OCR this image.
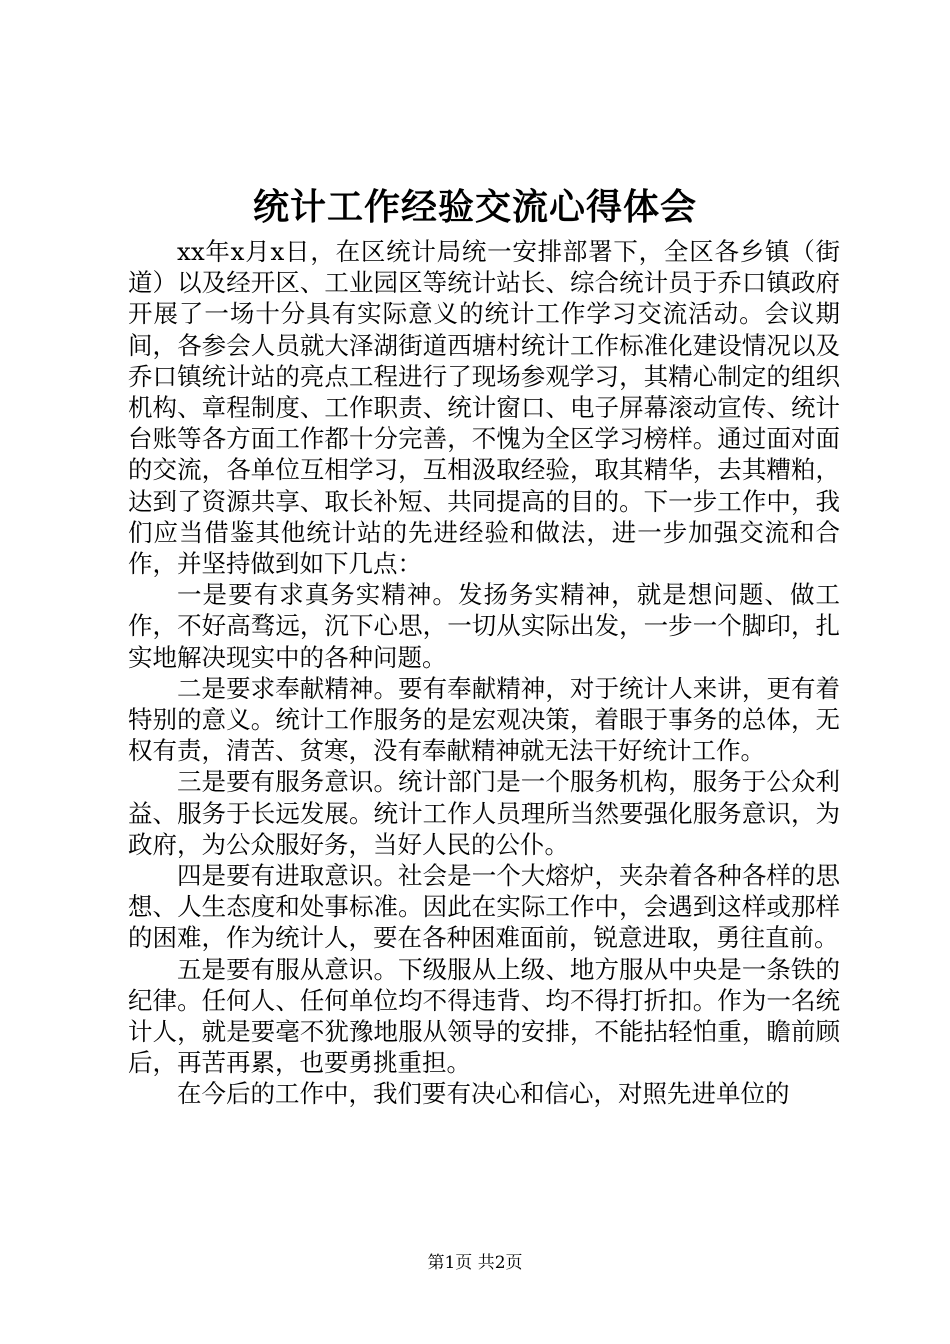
统计工作经验交流心得体会

xx年x月x日，在区统计局统一安排部署下，全区各乡镇（街道）以及经开区、工业园区等统计站长、综合统计员于乔口镇政府开展了一场十分具有实际意义的统计工作学习交流活动。会议期间，各参会人员就大泽湖街道西塘村统计工作标准化建设情况以及乔口镇统计站的亮点工程进行了现场参观学习，其精心制定的组织机构、章程制度、工作职责、统计窗口、电子屏幕滚动宣传、统计台账等各方面工作都十分完善，不愧为全区学习榜样。通过面对面的交流，各单位互相学习，互相汲取经验，取其精华，去其糟粕，达到了资源共享、取长补短、共同提高的目的。下一步工作中，我们应当借鉴其他统计站的先进经验和做法，进一步加强交流和合作，并坚持做到如下几点：

一是要有求真务实精神。发扬务实精神，就是想问题、做工作，不好高骛远，沉下心思，一切从实际出发，一步一个脚印，扎实地解决现实中的各种问题。

二是要求奉献精神。要有奉献精神，对于统计人来讲，更有着特别的意义。统计工作服务的是宏观决策，着眼于事务的总体，无权有责，清苦、贫寒，没有奉献精神就无法干好统计工作。

三是要有服务意识。统计部门是一个服务机构，服务于公众利益、服务于长远发展。统计工作人员理所当然要强化服务意识，为政府，为公众服好务，当好人民的公仆。

四是要有进取意识。社会是一个大熔炉，夹杂着各种各样的思想、人生态度和处事标准。因此在实际工作中，会遇到这样或那样的困难，作为统计人，要在各种困难面前，锐意进取，勇往直前。

五是要有服从意识。下级服从上级、地方服从中央是一条铁的纪律。任何人、任何单位均不得违背、均不得打折扣。作为一名统计人，就是要毫不犹豫地服从领导的安排，不能拈轻怕重，瞻前顾后，再苦再累，也要勇挑重担。

在今后的工作中，我们要有决心和信心，对照先进单位的

第1页 共2页
